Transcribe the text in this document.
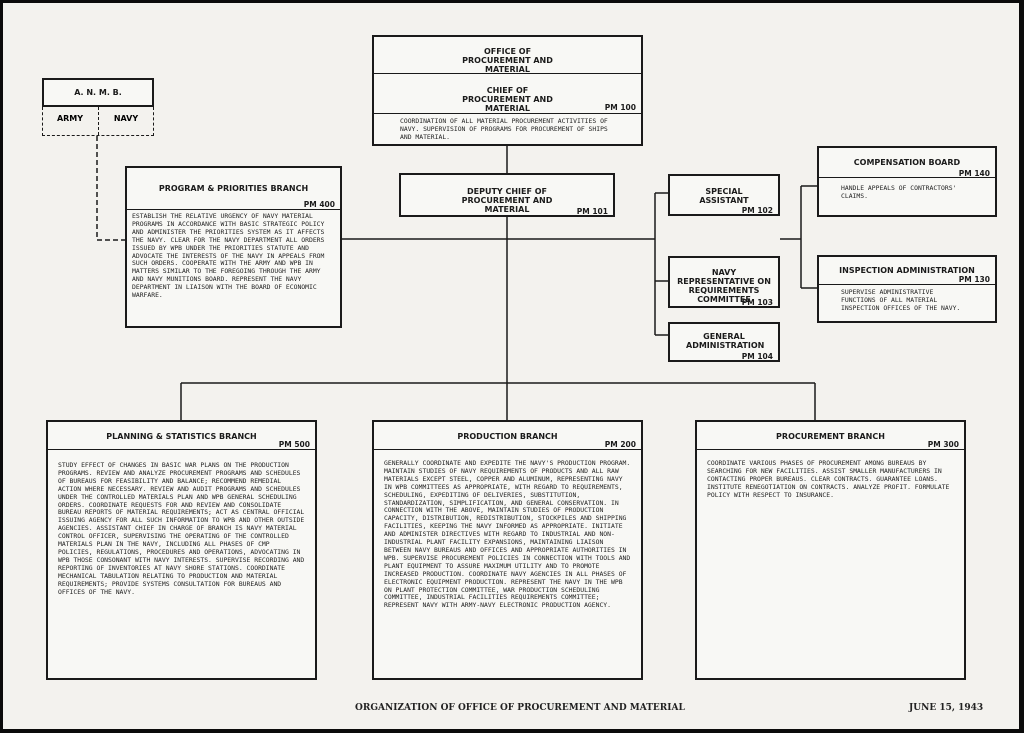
OFFICE OF PROCUREMENT AND MATERIAL
CHIEF OF PROCUREMENT AND MATERIAL	PM 100
COORDINATION OF ALL MATERIAL PROCUREMENT ACTIVITIES OF NAVY. SUPERVISION OF PROGRAMS FOR PROCUREMENT OF SHIPS AND MATERIAL.
A. N. M. B.
ARMY	NAVY
PROGRAM & PRIORITIES BRANCH
PM 400
ESTABLISH THE RELATIVE URGENCY OF NAVY MATERIAL PROGRAMS IN ACCORDANCE WITH BASIC STRATEGIC POLICY AND ADMINISTER THE PRIORITIES SYSTEM AS IT AFFECTS THE NAVY. CLEAR FOR THE NAVY DEPARTMENT ALL ORDERS ISSUED BY WPB UNDER THE PRIORITIES STATUTE AND ADVOCATE THE INTERESTS OF THE NAVY IN APPEALS FROM SUCH ORDERS. COOPERATE WITH THE ARMY AND WPB IN MATTERS SIMILAR TO THE FOREGOING THROUGH THE ARMY AND NAVY MUNITIONS BOARD. REPRESENT THE NAVY DEPARTMENT IN LIAISON WITH THE BOARD OF ECONOMIC WARFARE.
DEPUTY CHIEF OF PROCUREMENT AND MATERIAL	PM 101
SPECIAL ASSISTANT
PM 102
NAVY REPRESENTATIVE ON REQUIREMENTS COMMITTEE
PM 103
GENERAL ADMINISTRATION
PM 104
COMPENSATION BOARD
PM 140
HANDLE APPEALS OF CONTRACTORS' CLAIMS.
INSPECTION ADMINISTRATION
PM 130
SUPERVISE ADMINISTRATIVE FUNCTIONS OF ALL MATERIAL INSPECTION OFFICES OF THE NAVY.
PLANNING & STATISTICS BRANCH
PM 500
STUDY EFFECT OF CHANGES IN BASIC WAR PLANS ON THE PRODUCTION PROGRAMS. REVIEW AND ANALYZE PROCUREMENT PROGRAMS AND SCHEDULES OF BUREAUS FOR FEASIBILITY AND BALANCE; RECOMMEND REMEDIAL ACTION WHERE NECESSARY. REVIEW AND AUDIT PROGRAMS AND SCHEDULES UNDER THE CONTROLLED MATERIALS PLAN AND WPB GENERAL SCHEDULING ORDERS. COORDINATE REQUESTS FOR AND REVIEW AND CONSOLIDATE BUREAU REPORTS OF MATERIAL REQUIREMENTS; ACT AS CENTRAL OFFICIAL ISSUING AGENCY FOR ALL SUCH INFORMATION TO WPB AND OTHER OUTSIDE AGENCIES. ASSISTANT CHIEF IN CHARGE OF BRANCH IS NAVY MATERIAL CONTROL OFFICER, SUPERVISING THE OPERATING OF THE CONTROLLED MATERIALS PLAN IN THE NAVY, INCLUDING ALL PHASES OF CMP POLICIES, REGULATIONS, PROCEDURES AND OPERATIONS, ADVOCATING IN WPB THOSE CONSONANT WITH NAVY INTERESTS. SUPERVISE RECORDING AND REPORTING OF INVENTORIES AT NAVY SHORE STATIONS. COORDINATE MECHANICAL TABULATION RELATING TO PRODUCTION AND MATERIAL REQUIREMENTS; PROVIDE SYSTEMS CONSULTATION FOR BUREAUS AND OFFICES OF THE NAVY.
PRODUCTION BRANCH
PM 200
GENERALLY COORDINATE AND EXPEDITE THE NAVY'S PRODUCTION PROGRAM. MAINTAIN STUDIES OF NAVY REQUIREMENTS OF PRODUCTS AND ALL RAW MATERIALS EXCEPT STEEL, COPPER AND ALUMINUM, REPRESENTING NAVY IN WPB COMMITTEES AS APPROPRIATE, WITH REGARD TO REQUIREMENTS, SCHEDULING, EXPEDITING OF DELIVERIES, SUBSTITUTION, STANDARDIZATION, SIMPLIFICATION, AND GENERAL CONSERVATION. IN CONNECTION WITH THE ABOVE, MAINTAIN STUDIES OF PRODUCTION CAPACITY, DISTRIBUTION, REDISTRIBUTION, STOCKPILES AND SHIPPING FACILITIES, KEEPING THE NAVY INFORMED AS APPROPRIATE. INITIATE AND ADMINISTER DIRECTIVES WITH REGARD TO INDUSTRIAL AND NON-INDUSTRIAL PLANT FACILITY EXPANSIONS, MAINTAINING LIAISON BETWEEN NAVY BUREAUS AND OFFICES AND APPROPRIATE AUTHORITIES IN WPB. SUPERVISE PROCUREMENT POLICIES IN CONNECTION WITH TOOLS AND PLANT EQUIPMENT TO ASSURE MAXIMUM UTILITY AND TO PROMOTE INCREASED PRODUCTION. COORDINATE NAVY AGENCIES IN ALL PHASES OF ELECTRONIC EQUIPMENT PRODUCTION. REPRESENT THE NAVY IN THE WPB ON PLANT PROTECTION COMMITTEE, WAR PRODUCTION SCHEDULING COMMITTEE, INDUSTRIAL FACILITIES REQUIREMENTS COMMITTEE; REPRESENT NAVY WITH ARMY-NAVY ELECTRONIC PRODUCTION AGENCY.
PROCUREMENT BRANCH
PM 300
COORDINATE VARIOUS PHASES OF PROCUREMENT AMONG BUREAUS BY SEARCHING FOR NEW FACILITIES. ASSIST SMALLER MANUFACTURERS IN CONTACTING PROPER BUREAUS. CLEAR CONTRACTS. GUARANTEE LOANS. INSTITUTE RENEGOTIATION ON CONTRACTS. ANALYZE PROFIT. FORMULATE POLICY WITH RESPECT TO INSURANCE.
ORGANIZATION OF OFFICE OF PROCUREMENT AND MATERIAL	JUNE 15, 1943
